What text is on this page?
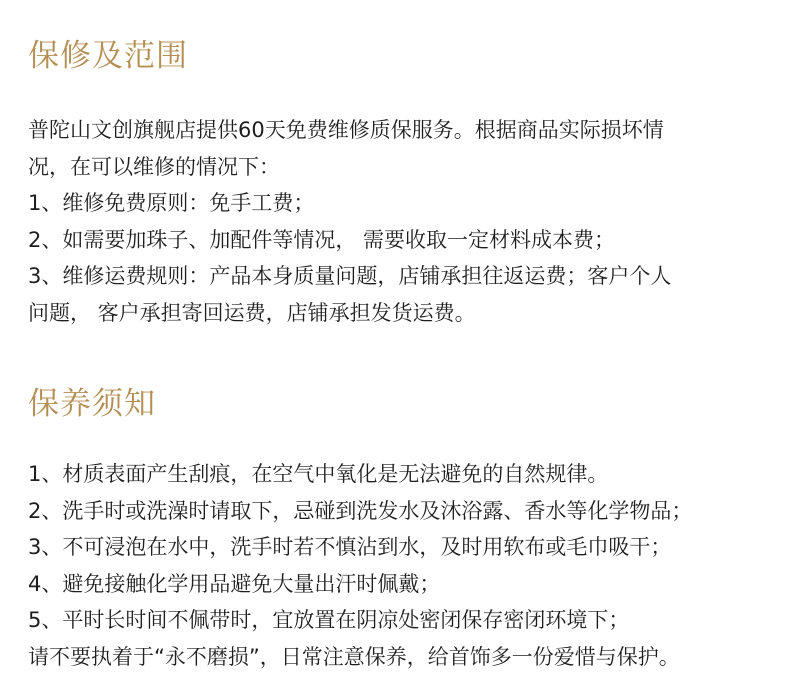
保修及范围
普陀山文创旗舰店提供60天免费维修质保服务。根据商品实际损坏情
况，在可以维修的情况下：
1、维修免费原则：免手工费；
2、如需要加珠子、加配件等情况， 需要收取一定材料成本费；
3、维修运费规则：产品本身质量问题，店铺承担往返运费；客户个人
问题， 客户承担寄回运费，店铺承担发货运费。
保养须知
1、材质表面产生刮痕，在空气中氧化是无法避免的自然规律。
2、洗手时或洗澡时请取下，忌碰到洗发水及沐浴露、香水等化学物品；
3、不可浸泡在水中，洗手时若不慎沾到水，及时用软布或毛巾吸干；
4、避免接触化学用品避免大量出汗时佩戴；
5、平时长时间不佩带时，宜放置在阴凉处密闭保存密闭环境下；
请不要执着于“永不磨损”，日常注意保养，给首饰多一份爱惜与保护。
